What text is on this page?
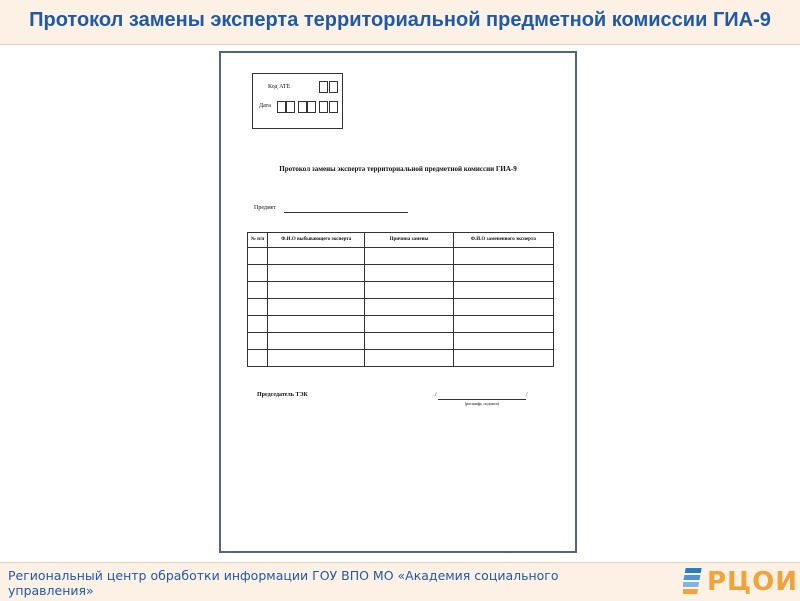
Протокол замены эксперта территориальной предметной комиссии ГИА-9
Код АТЕ
Дата
Протокол замены эксперта территориальной предметной комиссии ГИА-9
Предмет
№ п/п	Ф.И.О выбывающего эксперта	Причина замены	Ф.И.О замененного эксперта

Председатель ТЭК	/	/
(расшифр. подписи)
Региональный центр обработки информации ГОУ ВПО МО «Академия социального управления»	РЦОИ
